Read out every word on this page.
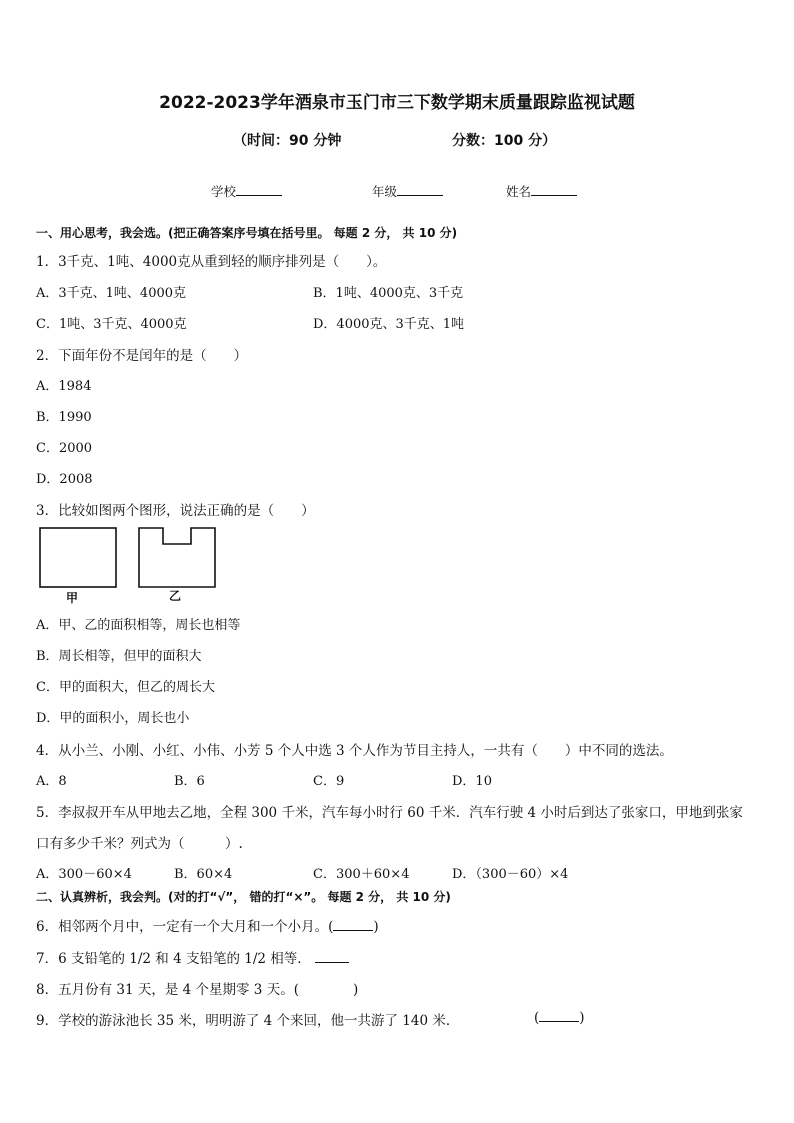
2022-2023学年酒泉市玉门市三下数学期末质量跟踪监视试题
（时间：90 分钟	分数：100 分）
学校	年级	姓名
一、用心思考，我会选。(把正确答案序号填在括号里。 每题 2 分， 共 10 分)
1．3千克、1吨、4000克从重到轻的顺序排列是（　　）。
A．3千克、1吨、4000克	B．1吨、4000克、3千克
C．1吨、3千克、4000克	D．4000克、3千克、1吨
2．下面年份不是闰年的是（　　）
A．1984
B．1990
C．2000
D．2008
3．比较如图两个图形，说法正确的是（　　）
甲	乙
A．甲、乙的面积相等，周长也相等
B．周长相等，但甲的面积大
C．甲的面积大，但乙的周长大
D．甲的面积小，周长也小
4．从小兰、小刚、小红、小伟、小芳 5 个人中选 3 个人作为节目主持人，一共有（　　）中不同的选法。
A．8	B．6	C．9	D．10
5．李叔叔开车从甲地去乙地，全程 300 千米，汽车每小时行 60 千米．汽车行驶 4 小时后到达了张家口，甲地到张家
口有多少千米？列式为（　　　）.
A．300－60×4	B．60×4	C．300＋60×4	D．（300－60）×4
二、认真辨析，我会判。(对的打“√”， 错的打“×”。 每题 2 分， 共 10 分)
6．相邻两个月中，一定有一个大月和一个小月。(	)
7．6 支铅笔的 1/2 和 4 支铅笔的 1/2 相等．
8．五月份有 31 天，是 4 个星期零 3 天。(　　　　)
9．学校的游泳池长 35 米，明明游了 4 个来回，他一共游了 140 米．	(	)
